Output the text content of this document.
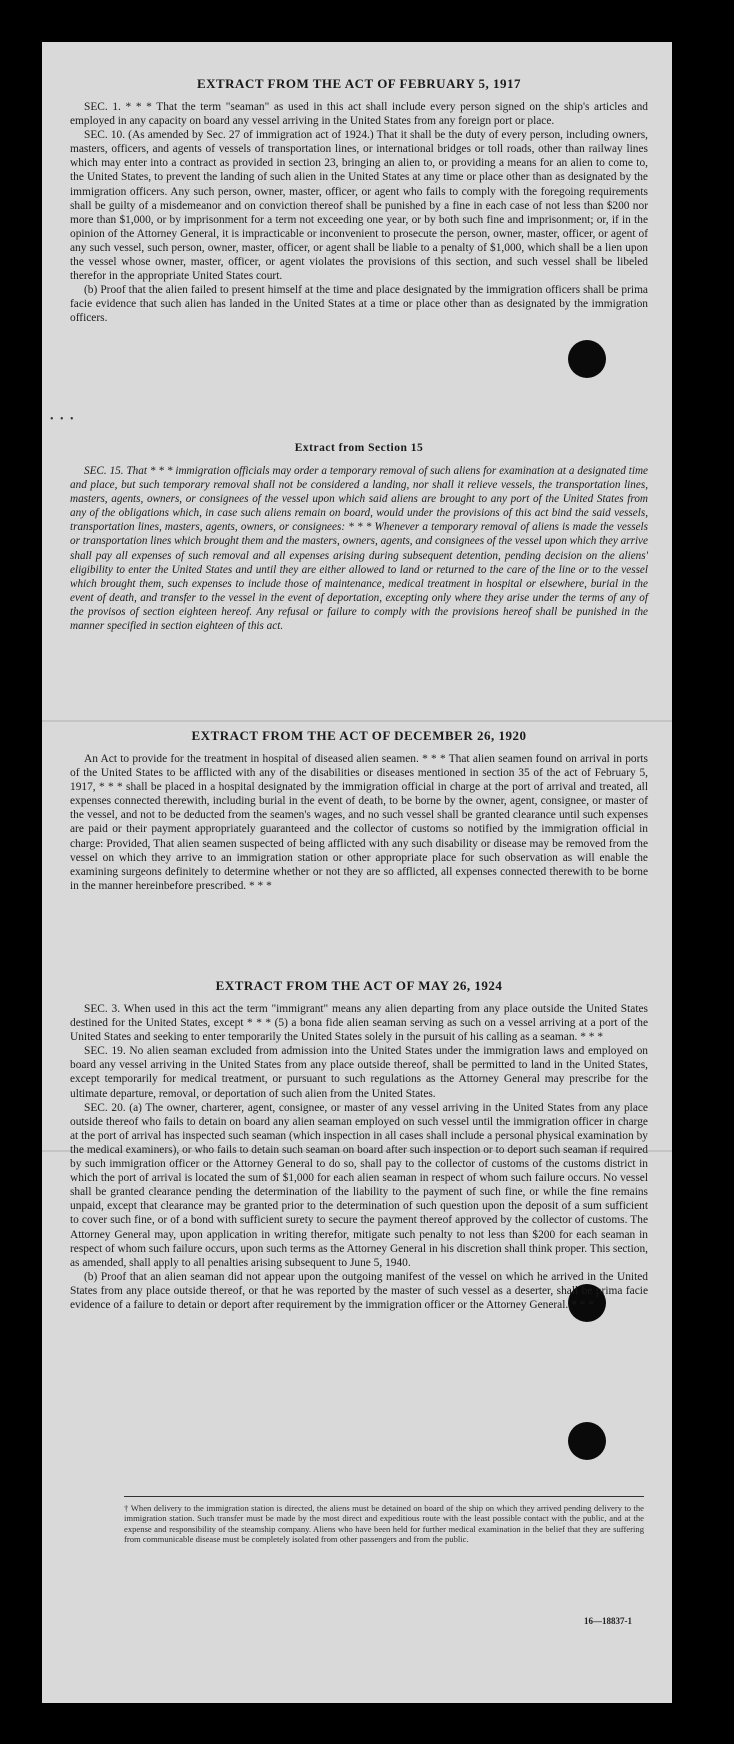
• • •
EXTRACT FROM THE ACT OF FEBRUARY 5, 1917

SEC. 1. * * * That the term "seaman" as used in this act shall include every person signed on the ship's articles and employed in any capacity on board any vessel arriving in the United States from any foreign port or place.

SEC. 10. (As amended by Sec. 27 of immigration act of 1924.) That it shall be the duty of every person, including owners, masters, officers, and agents of vessels of transportation lines, or international bridges or toll roads, other than railway lines which may enter into a contract as provided in section 23, bringing an alien to, or providing a means for an alien to come to, the United States, to prevent the landing of such alien in the United States at any time or place other than as designated by the immigration officers. Any such person, owner, master, officer, or agent who fails to comply with the foregoing requirements shall be guilty of a misdemeanor and on conviction thereof shall be punished by a fine in each case of not less than $200 nor more than $1,000, or by imprisonment for a term not exceeding one year, or by both such fine and imprisonment; or, if in the opinion of the Attorney General, it is impracticable or inconvenient to prosecute the person, owner, master, officer, or agent of any such vessel, such person, owner, master, officer, or agent shall be liable to a penalty of $1,000, which shall be a lien upon the vessel whose owner, master, officer, or agent violates the provisions of this section, and such vessel shall be libeled therefor in the appropriate United States court.

(b) Proof that the alien failed to present himself at the time and place designated by the immigration officers shall be prima facie evidence that such alien has landed in the United States at a time or place other than as designated by the immigration officers.

Extract from Section 15

SEC. 15. That * * * immigration officials may order a temporary removal of such aliens for examination at a designated time and place, but such temporary removal shall not be considered a landing, nor shall it relieve vessels, the transportation lines, masters, agents, owners, or consignees of the vessel upon which said aliens are brought to any port of the United States from any of the obligations which, in case such aliens remain on board, would under the provisions of this act bind the said vessels, transportation lines, masters, agents, owners, or consignees: * * * Whenever a temporary removal of aliens is made the vessels or transportation lines which brought them and the masters, owners, agents, and consignees of the vessel upon which they arrive shall pay all expenses of such removal and all expenses arising during subsequent detention, pending decision on the aliens' eligibility to enter the United States and until they are either allowed to land or returned to the care of the line or to the vessel which brought them, such expenses to include those of maintenance, medical treatment in hospital or elsewhere, burial in the event of death, and transfer to the vessel in the event of deportation, excepting only where they arise under the terms of any of the provisos of section eighteen hereof. Any refusal or failure to comply with the provisions hereof shall be punished in the manner specified in section eighteen of this act.

EXTRACT FROM THE ACT OF DECEMBER 26, 1920

An Act to provide for the treatment in hospital of diseased alien seamen. * * * That alien seamen found on arrival in ports of the United States to be afflicted with any of the disabilities or diseases mentioned in section 35 of the act of February 5, 1917, * * * shall be placed in a hospital designated by the immigration official in charge at the port of arrival and treated, all expenses connected therewith, including burial in the event of death, to be borne by the owner, agent, consignee, or master of the vessel, and not to be deducted from the seamen's wages, and no such vessel shall be granted clearance until such expenses are paid or their payment appropriately guaranteed and the collector of customs so notified by the immigration official in charge: Provided, That alien seamen suspected of being afflicted with any such disability or disease may be removed from the vessel on which they arrive to an immigration station or other appropriate place for such observation as will enable the examining surgeons definitely to determine whether or not they are so afflicted, all expenses connected therewith to be borne in the manner hereinbefore prescribed. * * *

EXTRACT FROM THE ACT OF MAY 26, 1924

SEC. 3. When used in this act the term "immigrant" means any alien departing from any place outside the United States destined for the United States, except * * * (5) a bona fide alien seaman serving as such on a vessel arriving at a port of the United States and seeking to enter temporarily the United States solely in the pursuit of his calling as a seaman. * * *

SEC. 19. No alien seaman excluded from admission into the United States under the immigration laws and employed on board any vessel arriving in the United States from any place outside thereof, shall be permitted to land in the United States, except temporarily for medical treatment, or pursuant to such regulations as the Attorney General may prescribe for the ultimate departure, removal, or deportation of such alien from the United States.

SEC. 20. (a) The owner, charterer, agent, consignee, or master of any vessel arriving in the United States from any place outside thereof who fails to detain on board any alien seaman employed on such vessel until the immigration officer in charge at the port of arrival has inspected such seaman (which inspection in all cases shall include a personal physical examination by the medical examiners), or who fails to detain such seaman on board after such inspection or to deport such seaman if required by such immigration officer or the Attorney General to do so, shall pay to the collector of customs of the customs district in which the port of arrival is located the sum of $1,000 for each alien seaman in respect of whom such failure occurs. No vessel shall be granted clearance pending the determination of the liability to the payment of such fine, or while the fine remains unpaid, except that clearance may be granted prior to the determination of such question upon the deposit of a sum sufficient to cover such fine, or of a bond with sufficient surety to secure the payment thereof approved by the collector of customs. The Attorney General may, upon application in writing therefor, mitigate such penalty to not less than $200 for each seaman in respect of whom such failure occurs, upon such terms as the Attorney General in his discretion shall think proper. This section, as amended, shall apply to all penalties arising subsequent to June 5, 1940.

(b) Proof that an alien seaman did not appear upon the outgoing manifest of the vessel on which he arrived in the United States from any place outside thereof, or that he was reported by the master of such vessel as a deserter, shall be prima facie evidence of a failure to detain or deport after requirement by the immigration officer or the Attorney General. * * *

† When delivery to the immigration station is directed, the aliens must be detained on board of the ship on which they arrived pending delivery to the immigration station. Such transfer must be made by the most direct and expeditious route with the least possible contact with the public, and at the expense and responsibility of the steamship company. Aliens who have been held for further medical examination in the belief that they are suffering from communicable disease must be completely isolated from other passengers and from the public.
16—18837-1
